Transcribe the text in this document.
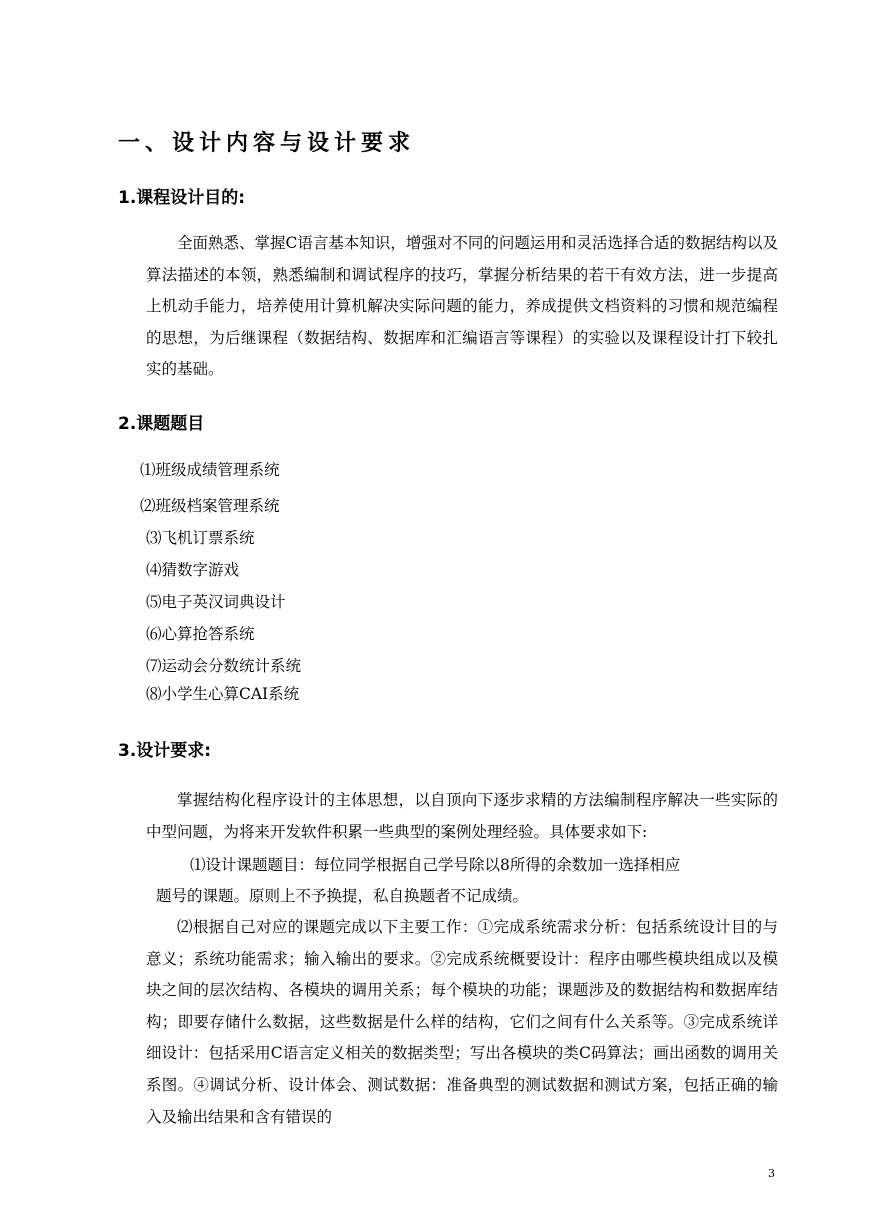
一、设计内容与设计要求
1.课程设计目的:

全面熟悉、掌握C语言基本知识，增强对不同的问题运用和灵活选择合适的数据结构以及算法描述的本领，熟悉编制和调试程序的技巧，掌握分析结果的若干有效方法，进一步提高上机动手能力，培养使用计算机解决实际问题的能力，养成提供文档资料的习惯和规范编程的思想，为后继课程（数据结构、数据库和汇编语言等课程）的实验以及课程设计打下较扎实的基础。

2.课题题目
⑴班级成绩管理系统
⑵班级档案管理系统
⑶飞机订票系统
⑷猜数字游戏
⑸电子英汉词典设计
⑹心算抢答系统
⑺运动会分数统计系统
⑻小学生心算CAI系统
3.设计要求:

掌握结构化程序设计的主体思想，以自顶向下逐步求精的方法编制程序解决一些实际的中型问题，为将来开发软件积累一些典型的案例处理经验。具体要求如下:

⑴设计课题题目：每位同学根据自己学号除以8所得的余数加一选择相应
题号的课题。原则上不予换提，私自换题者不记成绩。

⑵根据自己对应的课题完成以下主要工作：①完成系统需求分析：包括系统设计目的与意义；系统功能需求；输入输出的要求。②完成系统概要设计：程序由哪些模块组成以及模块之间的层次结构、各模块的调用关系；每个模块的功能；课题涉及的数据结构和数据库结构；即要存储什么数据，这些数据是什么样的结构，它们之间有什么关系等。③完成系统详细设计：包括采用C语言定义相关的数据类型；写出各模块的类C码算法；画出函数的调用关系图。④调试分析、设计体会、测试数据：准备典型的测试数据和测试方案，包括正确的输入及输出结果和含有错误的

3
